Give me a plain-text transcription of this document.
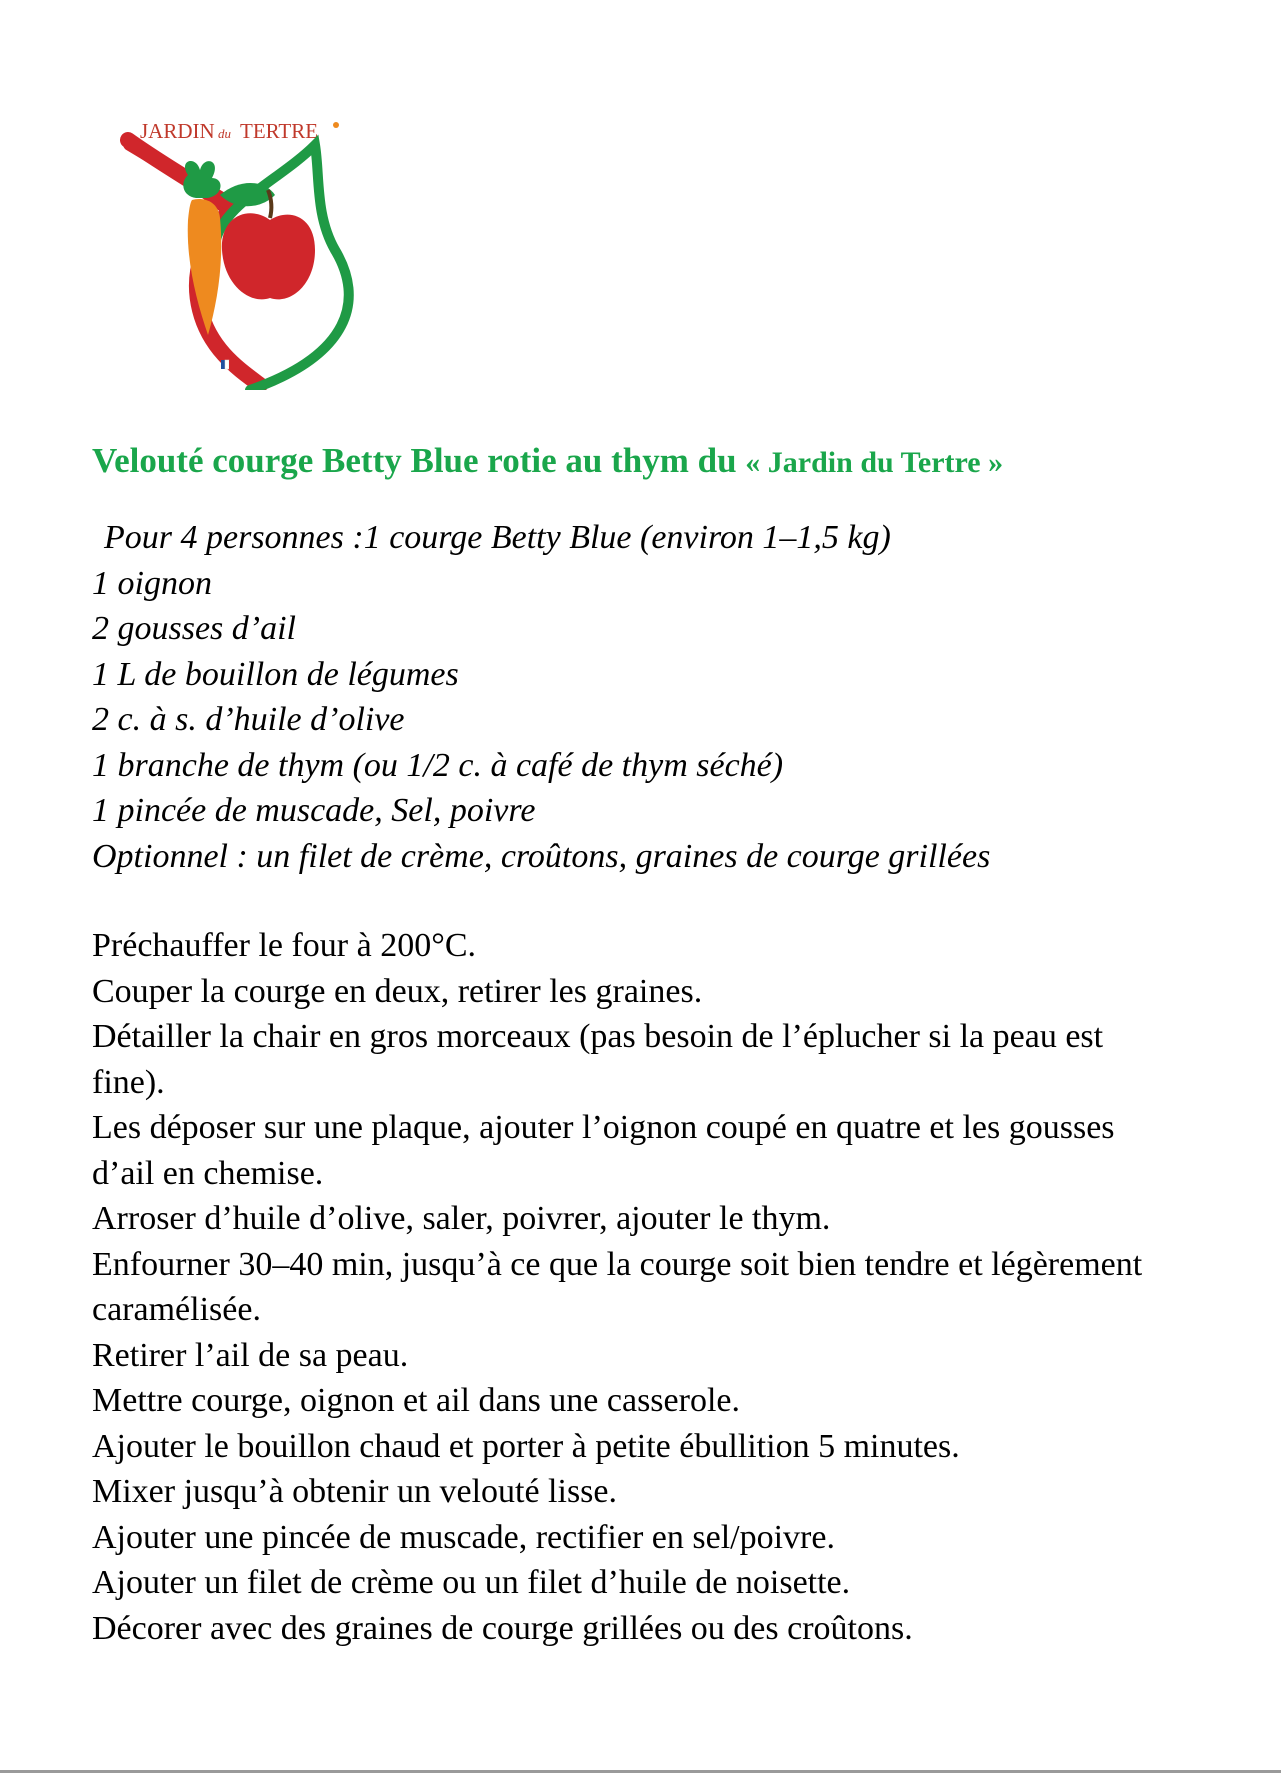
JARDIN du TERTRE
Velouté courge Betty Blue rotie au thym du « Jardin du Tertre »
Pour 4 personnes :1 courge Betty Blue (environ 1–1,5 kg)
1 oignon
2 gousses d’ail
1 L de bouillon de légumes
2 c. à s. d’huile d’olive
1 branche de thym (ou 1/2 c. à café de thym séché)
1 pincée de muscade, Sel, poivre
Optionnel : un filet de crème, croûtons, graines de courge grillées
Préchauffer le four à 200°C.
Couper la courge en deux, retirer les graines.
Détailler la chair en gros morceaux (pas besoin de l’éplucher si la peau est fine).
Les déposer sur une plaque, ajouter l’oignon coupé en quatre et les gousses d’ail en chemise.
Arroser d’huile d’olive, saler, poivrer, ajouter le thym.
Enfourner 30–40 min, jusqu’à ce que la courge soit bien tendre et légèrement caramélisée.
Retirer l’ail de sa peau.
Mettre courge, oignon et ail dans une casserole.
Ajouter le bouillon chaud et porter à petite ébullition 5 minutes.
Mixer jusqu’à obtenir un velouté lisse.
Ajouter une pincée de muscade, rectifier en sel/poivre.
Ajouter un filet de crème ou un filet d’huile de noisette.
Décorer avec des graines de courge grillées ou des croûtons.
